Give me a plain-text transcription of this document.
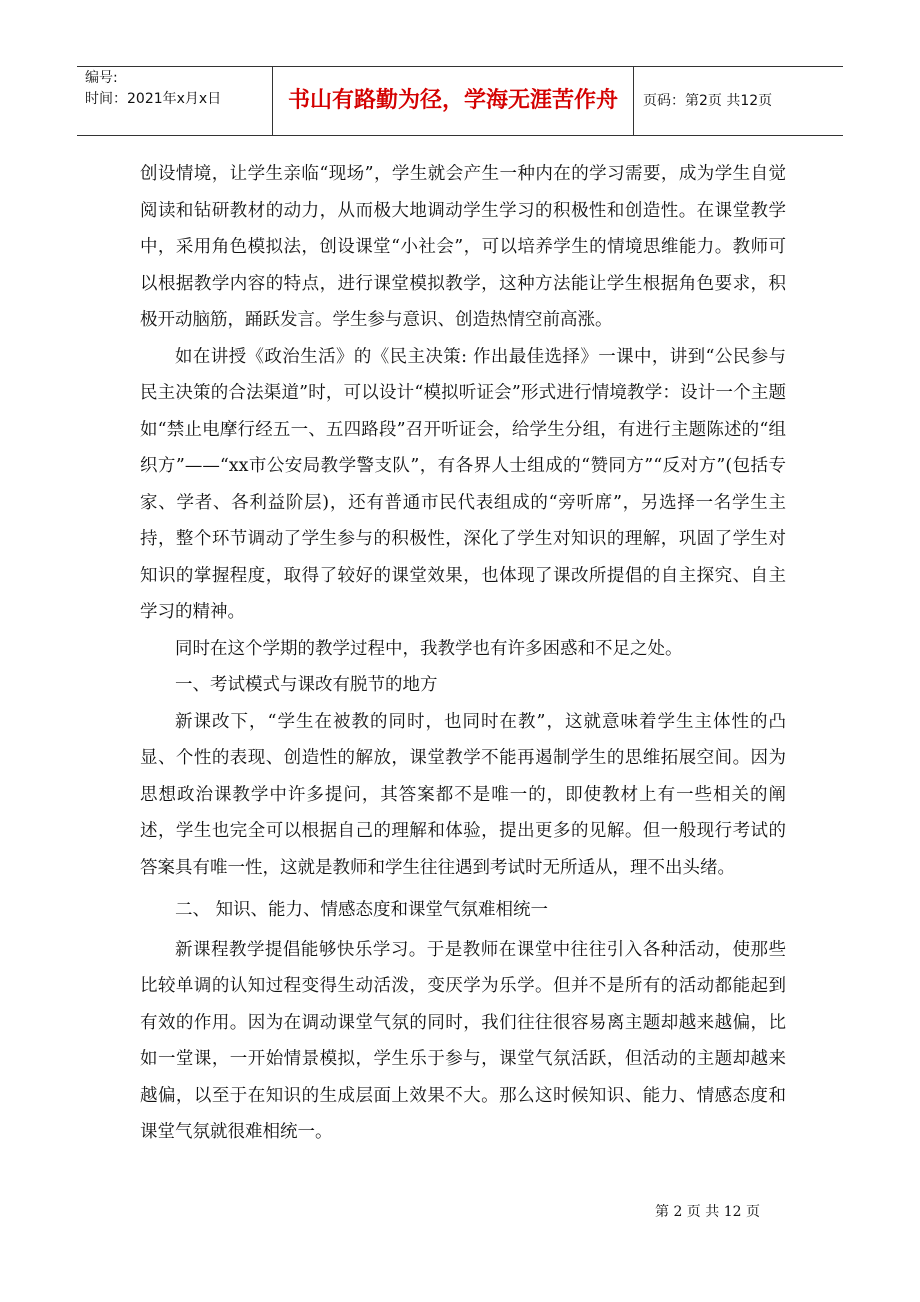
编号:
时间：2021年x月x日	书山有路勤为径，学海无涯苦作舟	页码：第2页 共12页

创设情境，让学生亲临“现场”，学生就会产生一种内在的学习需要，成为学生自觉阅读和钻研教材的动力，从而极大地调动学生学习的积极性和创造性。在课堂教学中，采用角色模拟法，创设课堂“小社会”，可以培养学生的情境思维能力。教师可以根据教学内容的特点，进行课堂模拟教学，这种方法能让学生根据角色要求，积极开动脑筋，踊跃发言。学生参与意识、创造热情空前高涨。

如在讲授《政治生活》的《民主决策: 作出最佳选择》一课中，讲到“公民参与民主决策的合法渠道”时，可以设计“模拟听证会”形式进行情境教学：设计一个主题如“禁止电摩行经五一、五四路段”召开听证会，给学生分组，有进行主题陈述的“组织方”——“xx市公安局教学警支队”，有各界人士组成的“赞同方”“反对方”(包括专家、学者、各利益阶层)，还有普通市民代表组成的“旁听席”，另选择一名学生主持，整个环节调动了学生参与的积极性，深化了学生对知识的理解，巩固了学生对知识的掌握程度，取得了较好的课堂效果，也体现了课改所提倡的自主探究、自主学习的精神。

同时在这个学期的教学过程中，我教学也有许多困惑和不足之处。

一、考试模式与课改有脱节的地方

新课改下，“学生在被教的同时，也同时在教”，这就意味着学生主体性的凸显、个性的表现、创造性的解放，课堂教学不能再遏制学生的思维拓展空间。因为思想政治课教学中许多提问，其答案都不是唯一的，即使教材上有一些相关的阐述，学生也完全可以根据自己的理解和体验，提出更多的见解。但一般现行考试的答案具有唯一性，这就是教师和学生往往遇到考试时无所适从，理不出头绪。

二、 知识、能力、情感态度和课堂气氛难相统一

新课程教学提倡能够快乐学习。于是教师在课堂中往往引入各种活动，使那些比较单调的认知过程变得生动活泼，变厌学为乐学。但并不是所有的活动都能起到有效的作用。因为在调动课堂气氛的同时，我们往往很容易离主题却越来越偏，比如一堂课，一开始情景模拟，学生乐于参与，课堂气氛活跃，但活动的主题却越来越偏，以至于在知识的生成层面上效果不大。那么这时候知识、能力、情感态度和课堂气氛就很难相统一。

第 2 页 共 12 页
